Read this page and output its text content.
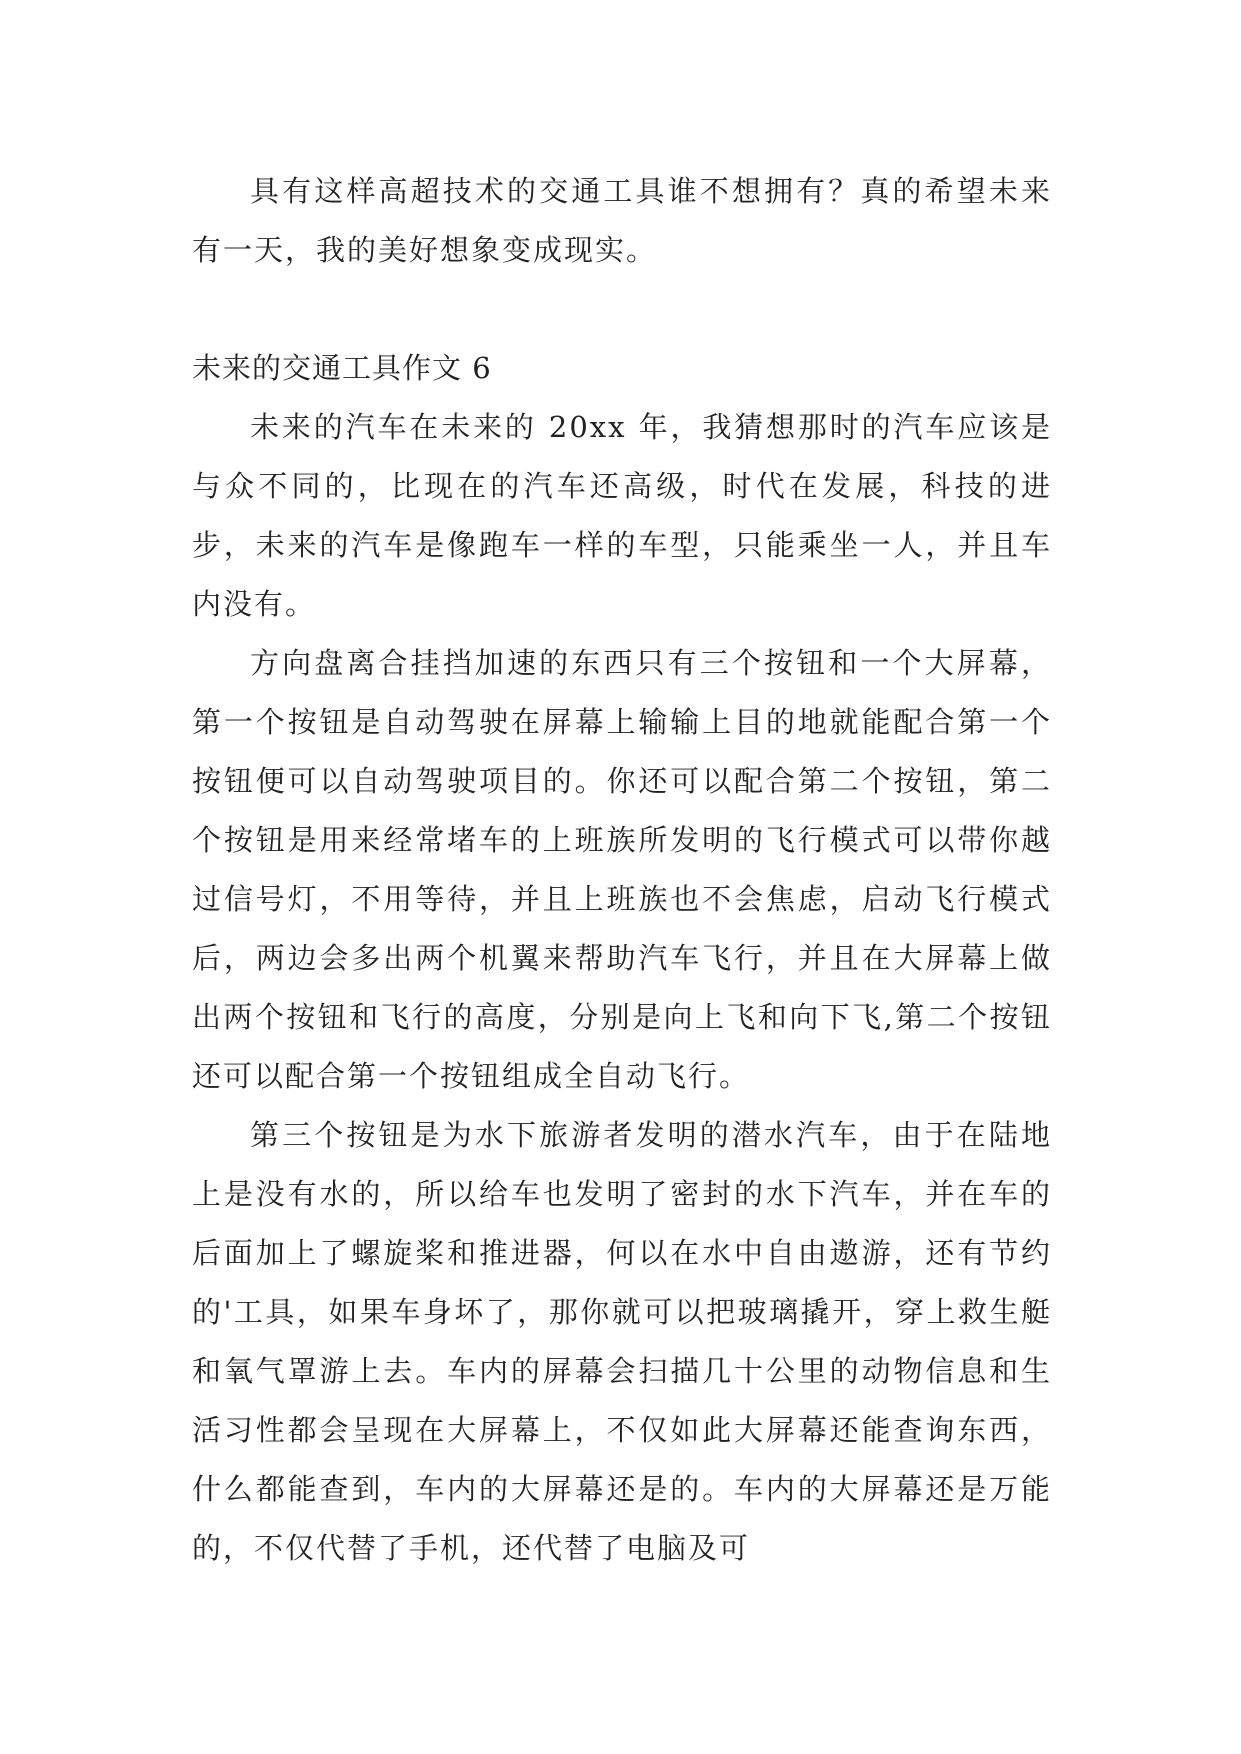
具有这样高超技术的交通工具谁不想拥有？真的希望未来有一天，我的美好想象变成现实。

未来的交通工具作文 6

未来的汽车在未来的 20xx 年，我猜想那时的汽车应该是与众不同的，比现在的汽车还高级，时代在发展，科技的进步，未来的汽车是像跑车一样的车型，只能乘坐一人，并且车内没有。

方向盘离合挂挡加速的东西只有三个按钮和一个大屏幕，第一个按钮是自动驾驶在屏幕上输输上目的地就能配合第一个按钮便可以自动驾驶项目的。你还可以配合第二个按钮，第二个按钮是用来经常堵车的上班族所发明的飞行模式可以带你越过信号灯，不用等待，并且上班族也不会焦虑，启动飞行模式后，两边会多出两个机翼来帮助汽车飞行，并且在大屏幕上做出两个按钮和飞行的高度，分别是向上飞和向下飞,第二个按钮还可以配合第一个按钮组成全自动飞行。

第三个按钮是为水下旅游者发明的潜水汽车，由于在陆地上是没有水的，所以给车也发明了密封的水下汽车，并在车的后面加上了螺旋桨和推进器，何以在水中自由遨游，还有节约的'工具，如果车身坏了，那你就可以把玻璃撬开，穿上救生艇和氧气罩游上去。车内的屏幕会扫描几十公里的动物信息和生活习性都会呈现在大屏幕上，不仅如此大屏幕还能查询东西，什么都能查到，车内的大屏幕还是的。车内的大屏幕还是万能的，不仅代替了手机，还代替了电脑及可
